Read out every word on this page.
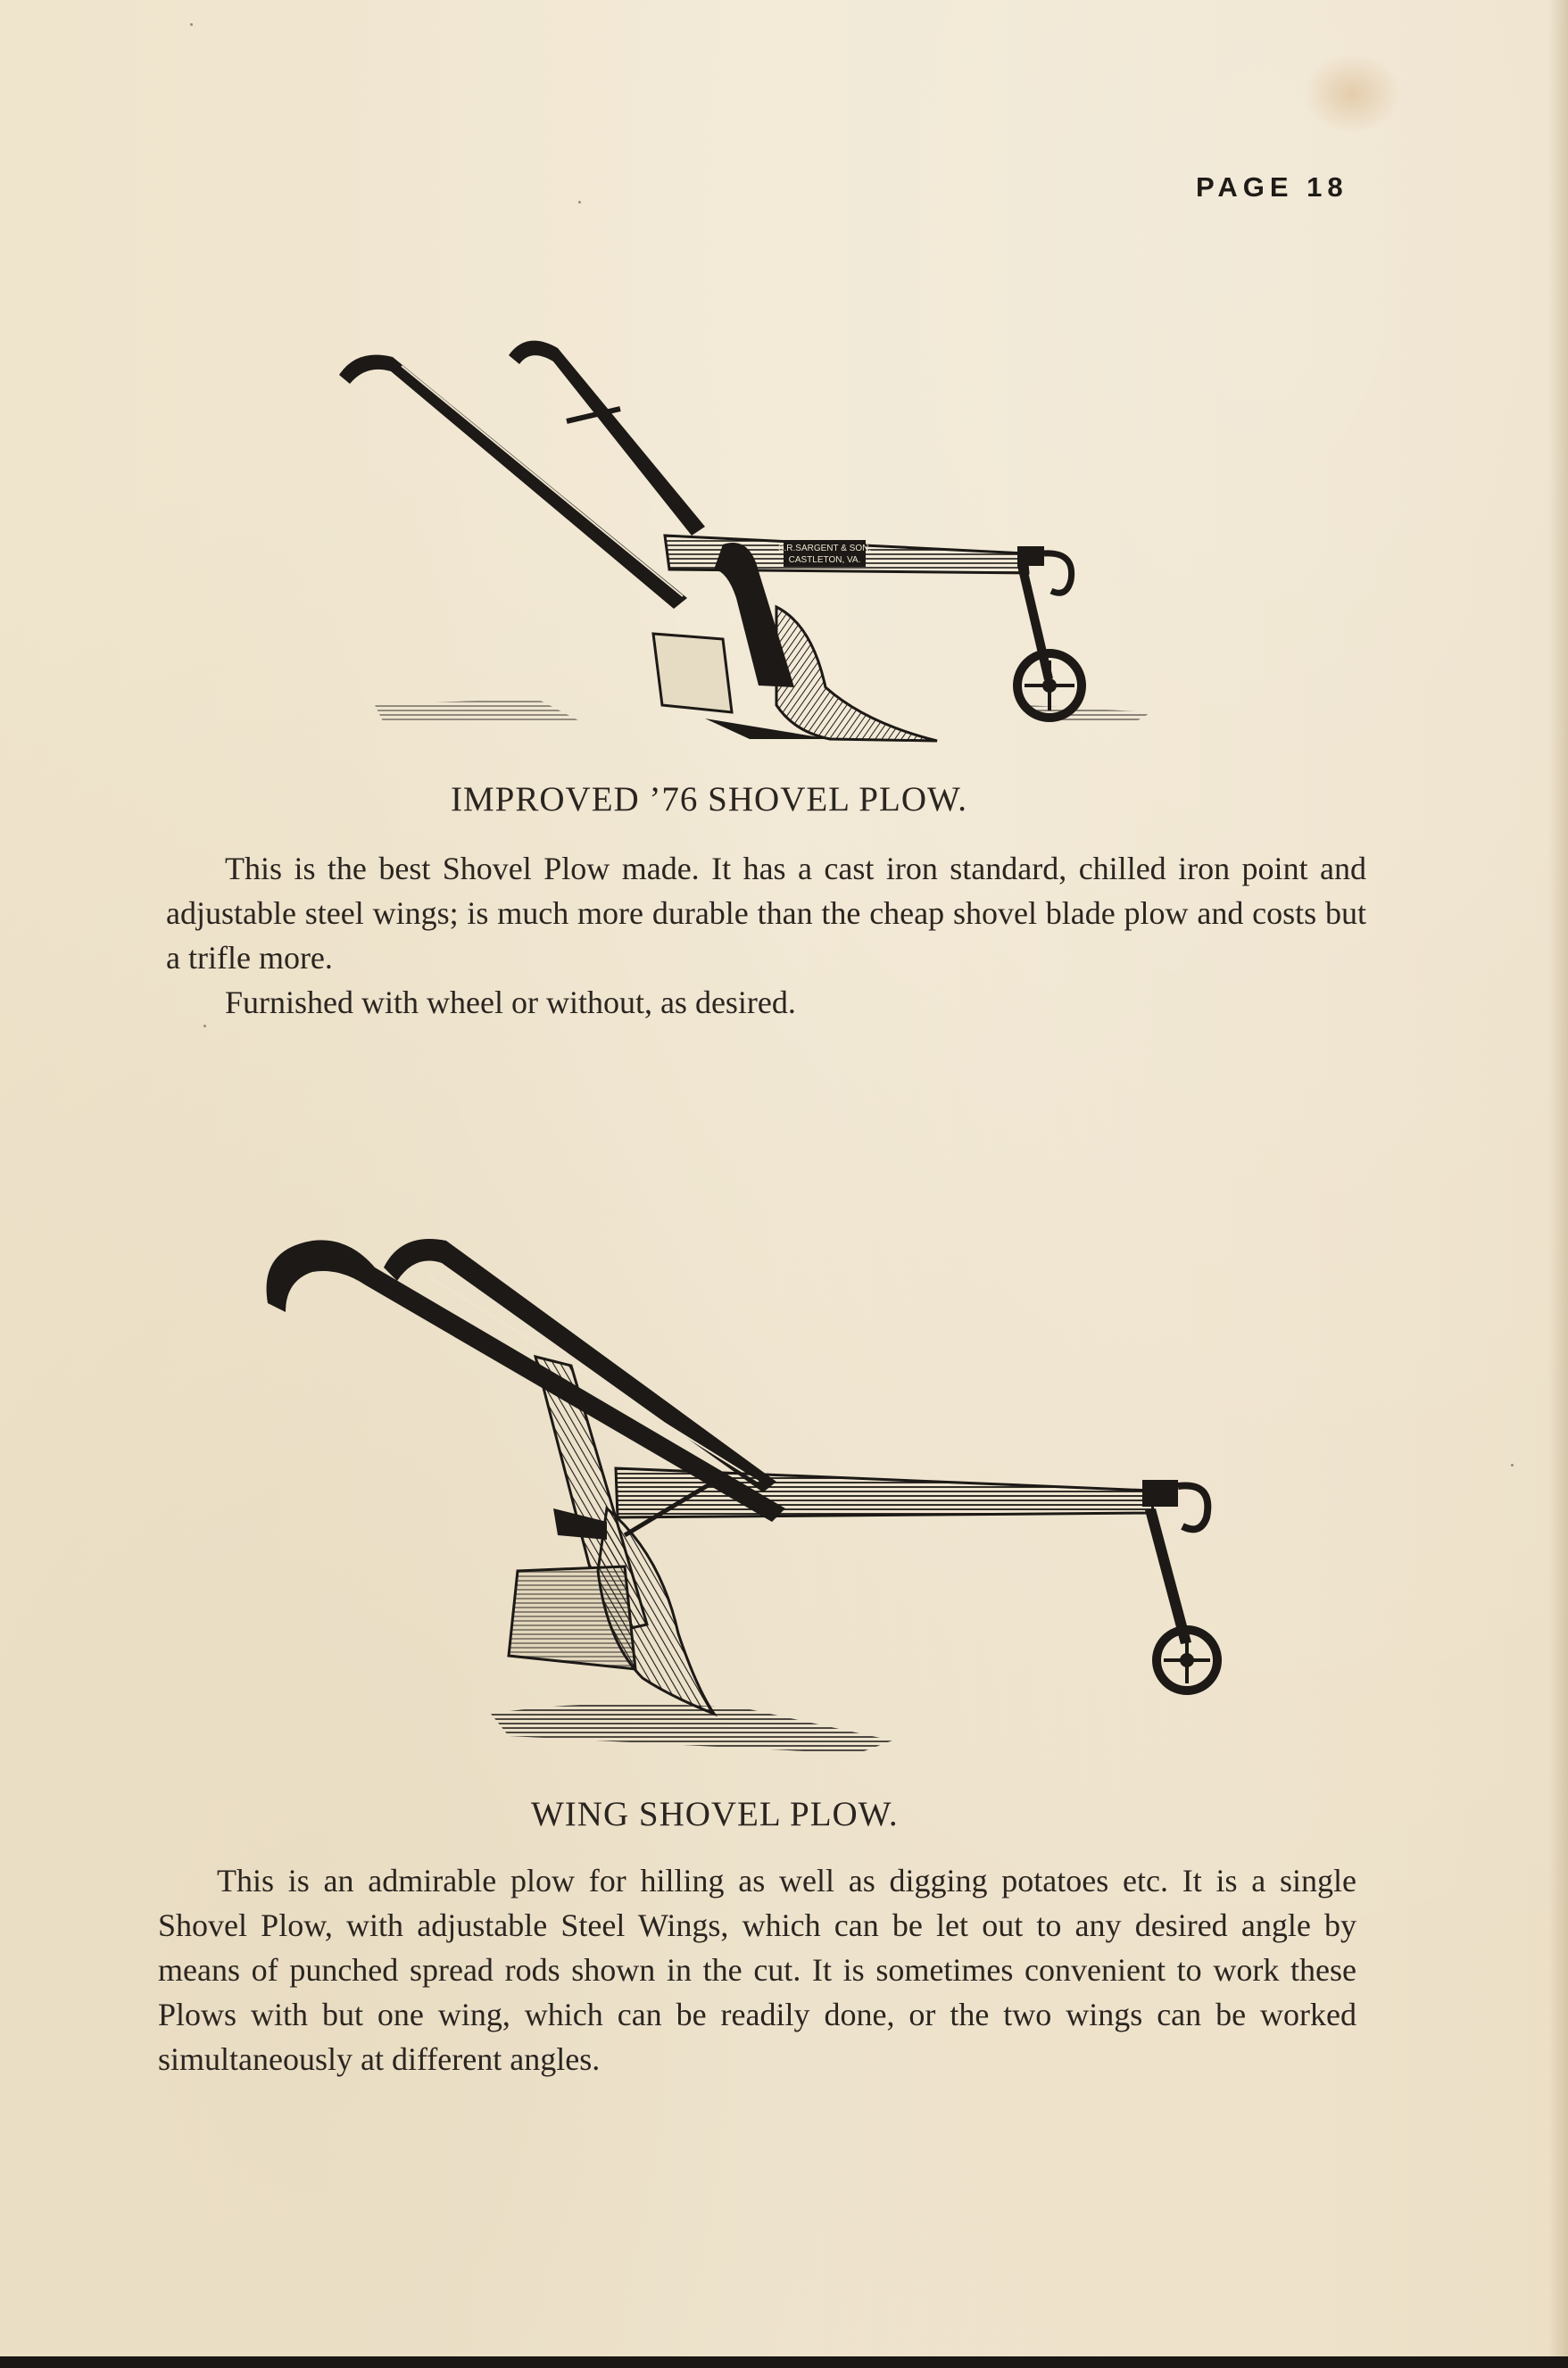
PAGE 18
S.R.SARGENT & SON.
CASTLETON, VA.
IMPROVED ’76 SHOVEL PLOW.

This is the best Shovel Plow made. It has a cast iron standard, chilled iron point and adjustable steel wings; is much more durable than the cheap shovel blade plow and costs but a trifle more.

Furnished with wheel or without, as desired.

WING SHOVEL PLOW.

This is an admirable plow for hilling as well as digging potatoes etc. It is a single Shovel Plow, with adjustable Steel Wings, which can be let out to any desired angle by means of punched spread rods shown in the cut. It is sometimes convenient to work these Plows with but one wing, which can be readily done, or the two wings can be worked simultaneously at different angles.
